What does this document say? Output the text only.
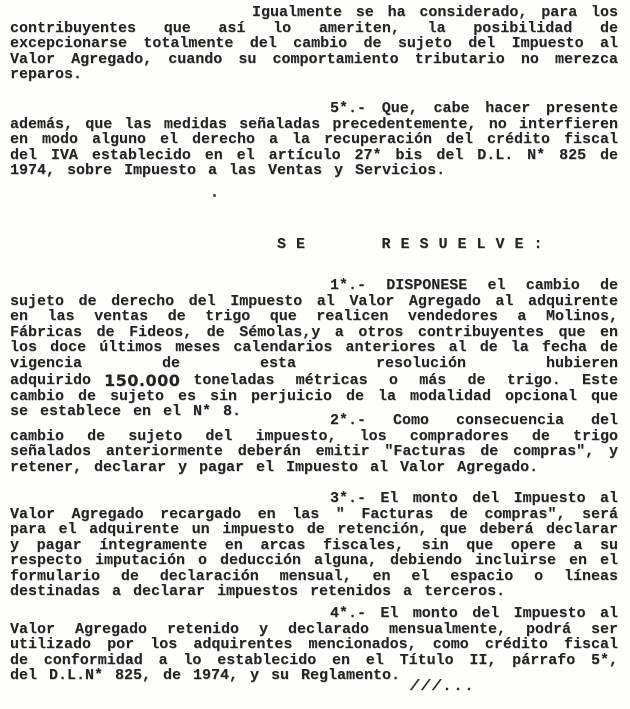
Igualmente se ha considerado, para los contribuyentes que así lo ameriten, la posibilidad de excepcionarse totalmente del cambio de sujeto del Impuesto al Valor Agregado, cuando su comportamiento tributario no merezca reparos.

5*.- Que, cabe hacer presente además, que las medidas señaladas precedentemente, no interfieren en modo alguno el derecho a la recuperación del crédito fiscal del IVA establecido en el artículo 27* bis del D.L. N* 825 de 1974, sobre Impuesto a las Ventas y Servicios.

S E        R E S U E L V E :

1*.- DISPONESE el cambio de sujeto de derecho del Impuesto al Valor Agregado al adquirente en las ventas de trigo que realicen vendedores a Molinos, Fábricas de Fideos, de Sémolas,y a otros contribuyentes que en los doce últimos meses calendarios anteriores al de la fecha de vigencia de esta resolución hubieren adquirido 150.000 toneladas métricas o más de trigo. Este cambio de sujeto es sin perjuicio de la modalidad opcional que se establece en el N* 8.

2*.- Como consecuencia del cambio de sujeto del impuesto, los compradores de trigo señalados anteriormente deberán emitir "Facturas de compras", y retener, declarar y pagar el Impuesto al Valor Agregado.

3*.- El monto del Impuesto al Valor Agregado recargado en las " Facturas de compras", será para el adquirente un impuesto de retención, que deberá declarar y pagar íntegramente en arcas fiscales, sin que opere a su respecto imputación o deducción alguna, debiendo incluirse en el formulario de declaración mensual, en el espacio o líneas destinadas a declarar impuestos retenidos a terceros.

4*.- El monto del Impuesto al Valor Agregado retenido y declarado mensualmente, podrá ser utilizado por los adquirentes mencionados, como crédito fiscal de conformidad a lo establecido en el Título II, párrafo 5*, del D.L.N* 825, de 1974, y su Reglamento.

///...
